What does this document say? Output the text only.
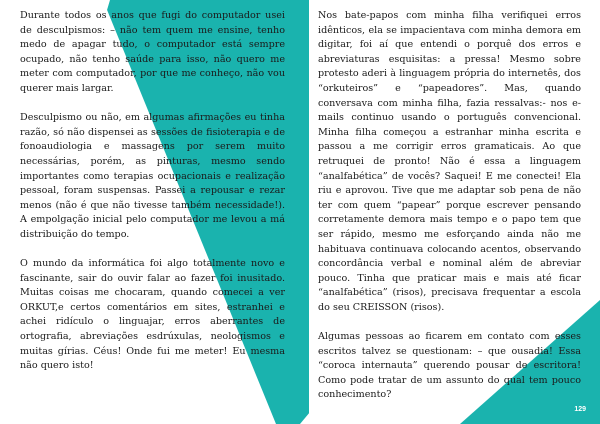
Durante todos os anos que fugi do computador usei de desculpismos: – não tem quem me ensine, tenho medo de apagar tudo, o computador está sempre ocupado, não tenho saúde para isso, não quero me meter com computador, por que me conheço, não vou querer mais largar.

Desculpismo ou não, em algumas afirmações eu tinha razão, só não dispensei as sessões de fisioterapia e de fonoaudiologia e massagens por serem muito necessárias, porém, as pinturas, mesmo sendo importantes como terapias ocupacionais e realização pessoal, foram suspensas. Passei a repousar e rezar menos (não é que não tivesse também necessidade!). A empolgação inicial pelo computador me levou a má distribuição do tempo.

O mundo da informática foi algo totalmente novo e fascinante, sair do ouvir falar ao fazer foi inusitado. Muitas coisas me chocaram, quando comecei a ver ORKUT,e certos comentários em sites, estranhei e achei ridículo o linguajar, erros aberrantes de ortografia, abreviações esdrúxulas, neologismos e muitas gírias. Céus! Onde fui me meter! Eu mesma não quero isto!

Nos bate-papos com minha filha verifiquei erros idênticos, ela se impacientava com minha demora em digitar, foi aí que entendi o porquê dos erros e abreviaturas esquisitas: a pressa! Mesmo sobre protesto aderi à linguagem própria do internetês, dos “orkuteiros” e “papeadores”. Mas, quando conversava com minha filha, fazia ressalvas:- nos e-mails continuo usando o português convencional. Minha filha começou a estranhar minha escrita e passou a me corrigir erros gramaticais. Ao que retruquei de pronto! Não é essa a linguagem “analfabética” de vocês? Saquei! E me conectei! Ela riu e aprovou. Tive que me adaptar sob pena de não ter com quem “papear” porque escrever pensando corretamente demora mais tempo e o papo tem que ser rápido, mesmo me esforçando ainda não me habituava continuava colocando acentos, observando concordância verbal e nominal além de abreviar pouco. Tinha que praticar mais e mais até ficar “analfabética” (risos), precisava frequentar a escola do seu CREISSON (risos).

Algumas pessoas ao ficarem em contato com esses escritos talvez se questionam: – que ousadia! Essa “coroca internauta” querendo pousar de escritora! Como pode tratar de um assunto do qual tem pouco conhecimento?

129
